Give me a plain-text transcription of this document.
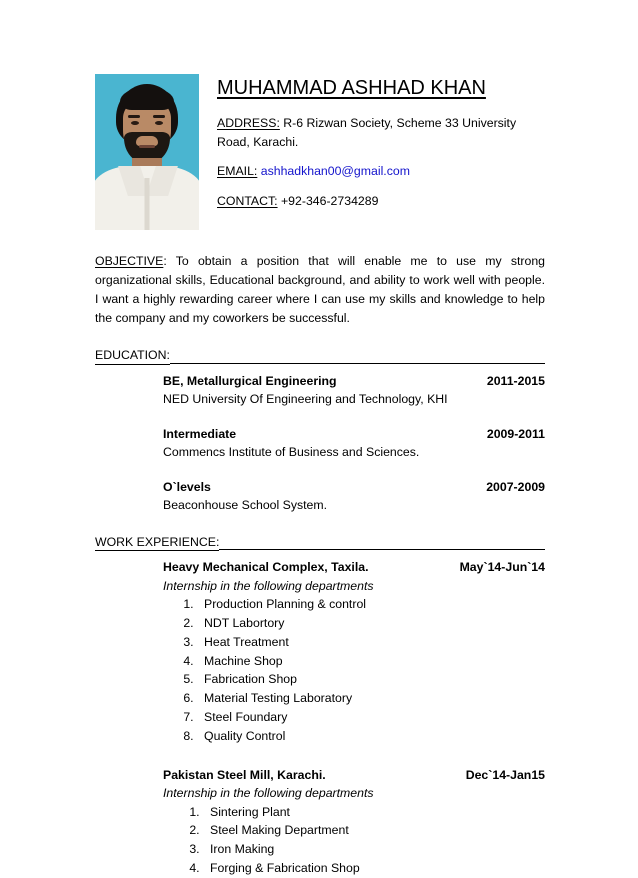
MUHAMMAD ASHHAD KHAN
ADDRESS: R-6 Rizwan Society, Scheme 33 University Road, Karachi.
EMAIL: ashhadkhan00@gmail.com
CONTACT: +92-346-2734289
OBJECTIVE: To obtain a position that will enable me to use my strong organizational skills, Educational background, and ability to work well with people. I want a highly rewarding career where I can use my skills and knowledge to help the company and my coworkers be successful.
EDUCATION:
BE, Metallurgical Engineering	2011-2015
NED University Of Engineering and Technology, KHI
Intermediate	2009-2011
Commencs Institute of Business and Sciences.
O`levels	2007-2009
Beaconhouse School System.
WORK EXPERIENCE:
Heavy Mechanical Complex, Taxila.	May`14-Jun`14
Internship in the following departments
1. Production Planning & control
2. NDT Labortory
3. Heat Treatment
4. Machine Shop
5. Fabrication Shop
6. Material Testing Laboratory
7. Steel Foundary
8. Quality Control
Pakistan Steel Mill, Karachi.	Dec`14-Jan15
Internship in the following departments
1. Sintering Plant
2. Steel Making Department
3. Iron Making
4. Forging & Fabrication Shop
